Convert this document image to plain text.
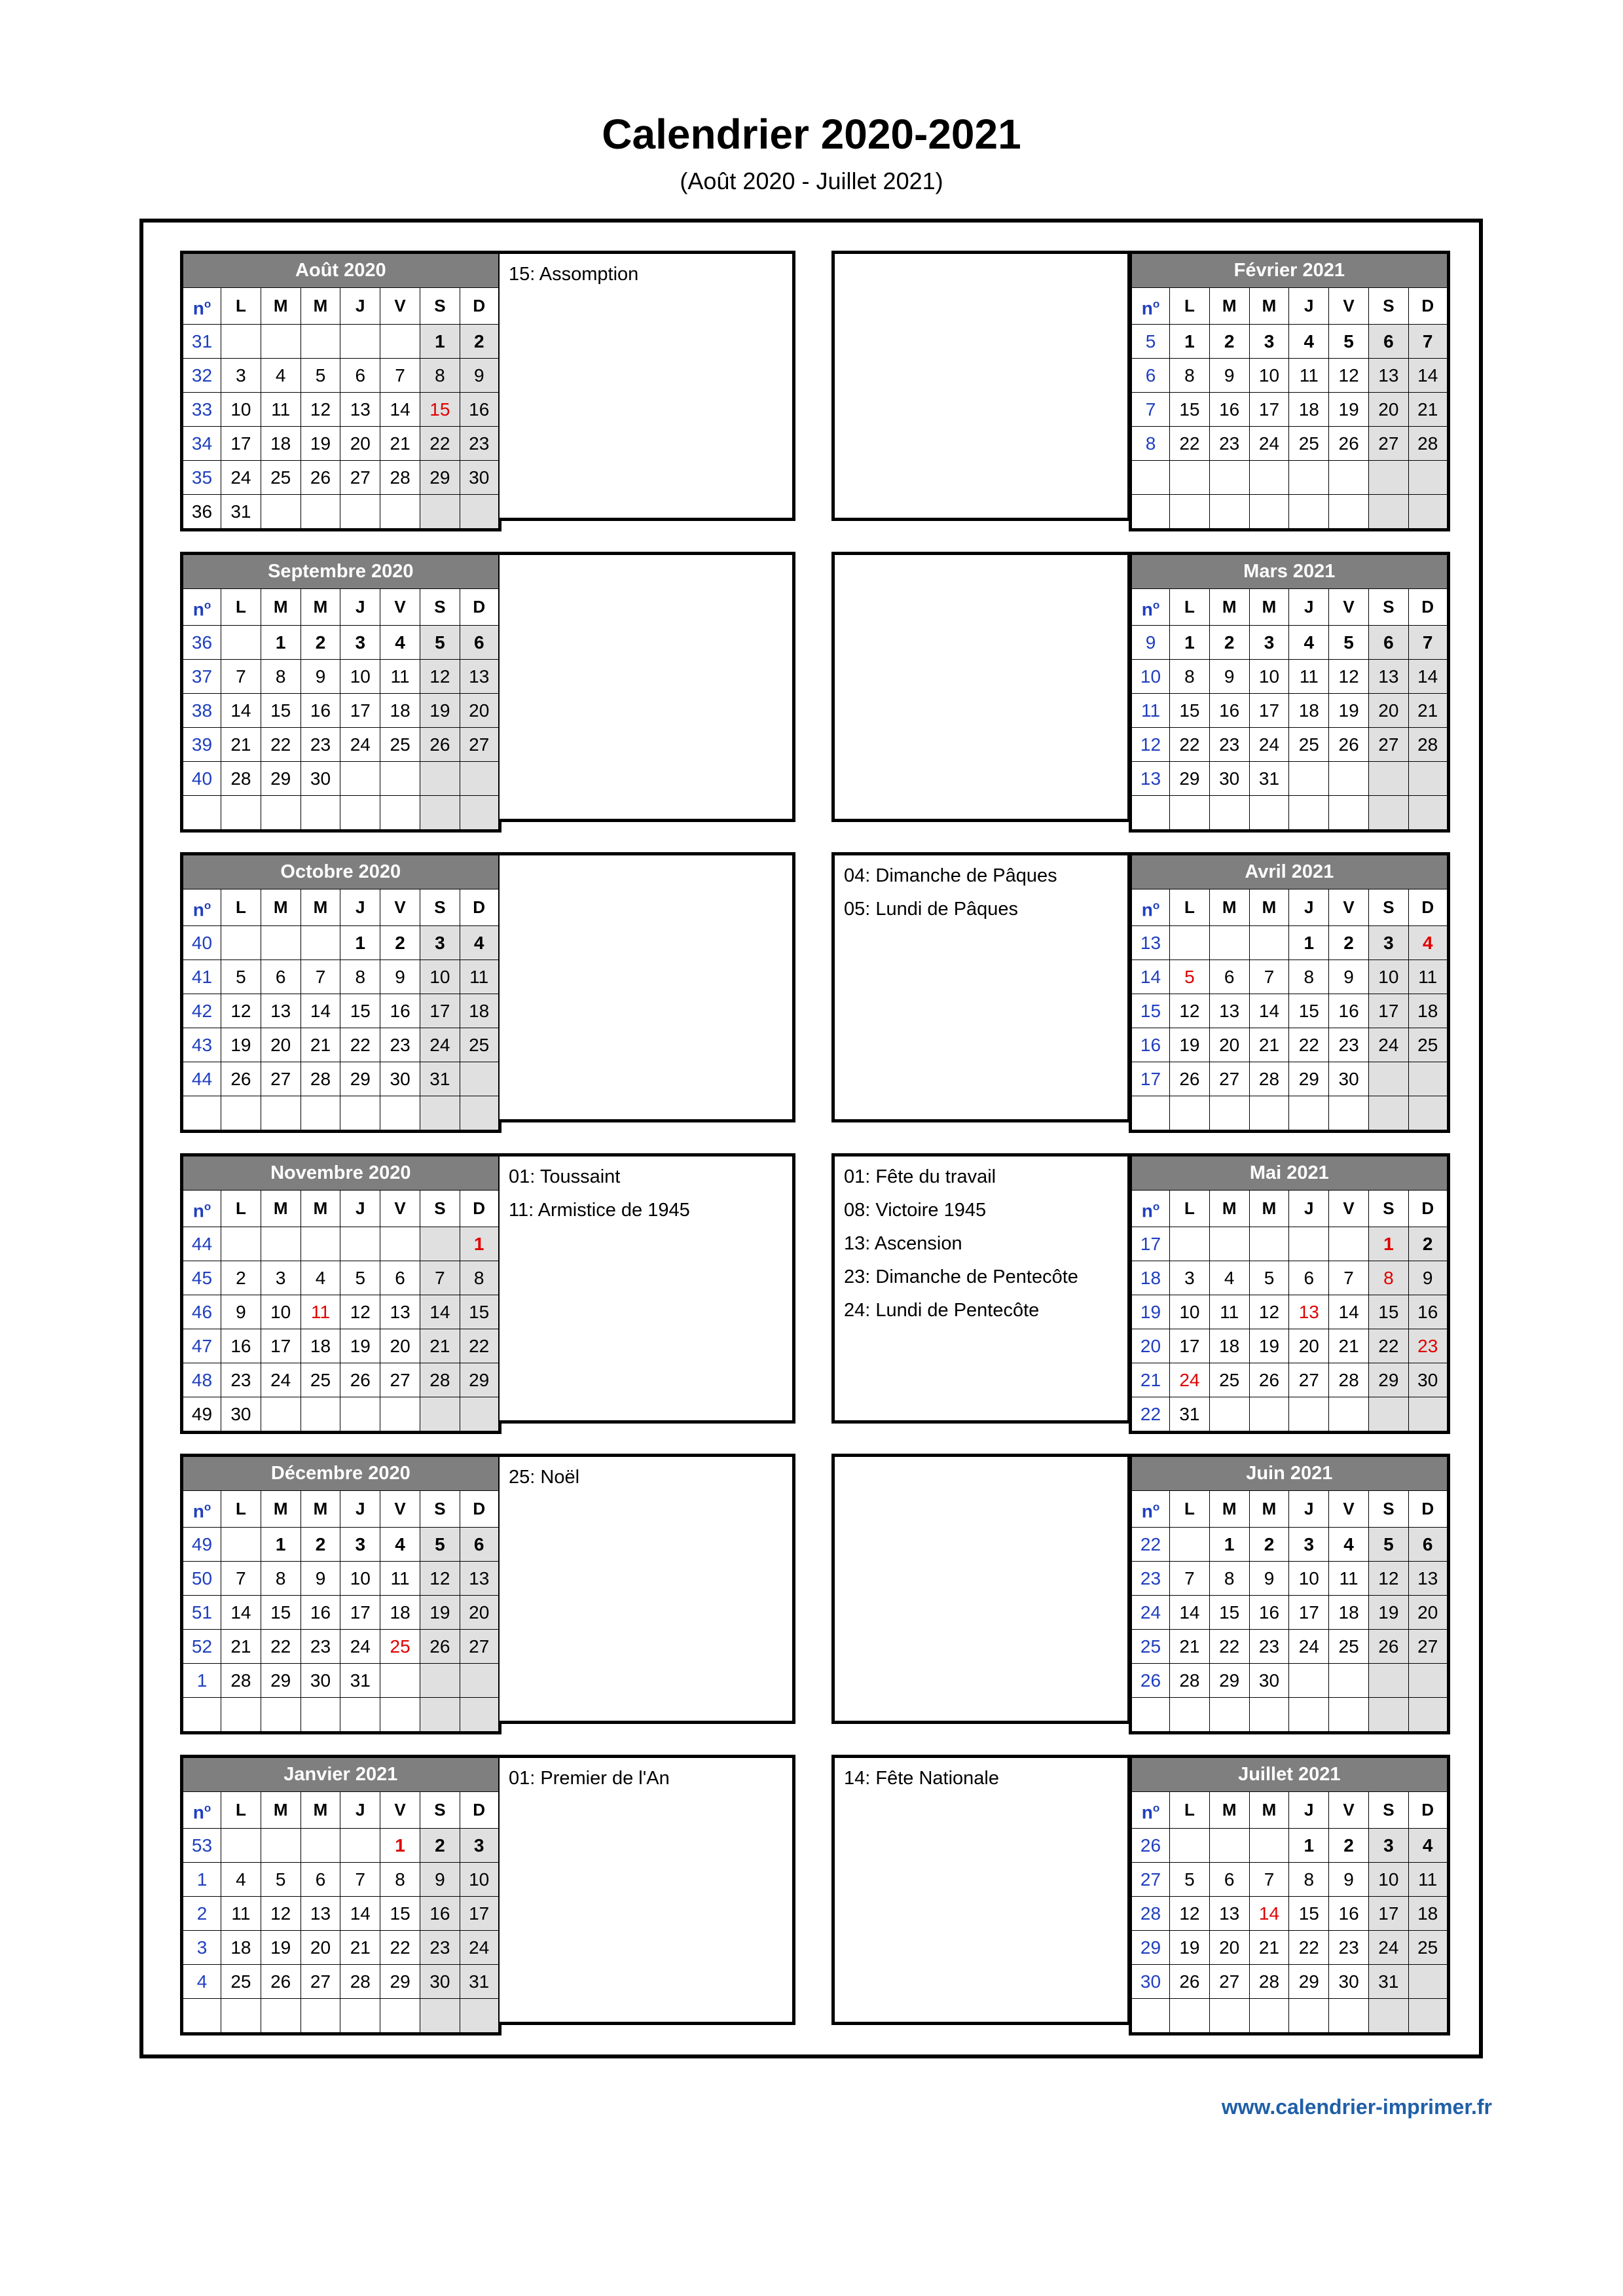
Calendrier 2020-2021
(Août 2020 - Juillet 2021)
Août 2020							
$n^o$	L	M	M	J	V	S	D
31						1	2
32	3	4	5	6	7	8	9
33	10	11	12	13	14	15	16
34	17	18	19	20	21	22	23
35	24	25	26	27	28	29	30
36	31						
15: Assomption	Février 2021							
$n^o$	L	M	M	J	V	S	D
5	1	2	3	4	5	6	7
6	8	9	10	11	12	13	14
7	15	16	17	18	19	20	21
8	22	23	24	25	26	27	28

Septembre 2020							
$n^o$	L	M	M	J	V	S	D
36		1	2	3	4	5	6
37	7	8	9	10	11	12	13
38	14	15	16	17	18	19	20
39	21	22	23	24	25	26	27
40	28	29	30				

Mars 2021							
$n^o$	L	M	M	J	V	S	D
9	1	2	3	4	5	6	7
10	8	9	10	11	12	13	14
11	15	16	17	18	19	20	21
12	22	23	24	25	26	27	28
13	29	30	31				

Octobre 2020							
$n^o$	L	M	M	J	V	S	D
40				1	2	3	4
41	5	6	7	8	9	10	11
42	12	13	14	15	16	17	18
43	19	20	21	22	23	24	25
44	26	27	28	29	30	31	

Avril 2021							
$n^o$	L	M	M	J	V	S	D
13				1	2	3	4
14	5	6	7	8	9	10	11
15	12	13	14	15	16	17	18
16	19	20	21	22	23	24	25
17	26	27	28	29	30		

04: Dimanche de Pâques
05: Lundi de Pâques
Novembre 2020							
$n^o$	L	M	M	J	V	S	D
44							1
45	2	3	4	5	6	7	8
46	9	10	11	12	13	14	15
47	16	17	18	19	20	21	22
48	23	24	25	26	27	28	29
49	30						
01: Toussaint
11: Armistice de 1945
Mai 2021							
$n^o$	L	M	M	J	V	S	D
17						1	2
18	3	4	5	6	7	8	9
19	10	11	12	13	14	15	16
20	17	18	19	20	21	22	23
21	24	25	26	27	28	29	30
22	31						
01: Fête du travail
08: Victoire 1945
13: Ascension
23: Dimanche de Pentecôte
24: Lundi de Pentecôte
Décembre 2020							
$n^o$	L	M	M	J	V	S	D
49		1	2	3	4	5	6
50	7	8	9	10	11	12	13
51	14	15	16	17	18	19	20
52	21	22	23	24	25	26	27
1	28	29	30	31			

25: Noël	Juin 2021							
$n^o$	L	M	M	J	V	S	D
22		1	2	3	4	5	6
23	7	8	9	10	11	12	13
24	14	15	16	17	18	19	20
25	21	22	23	24	25	26	27
26	28	29	30				

Janvier 2021							
$n^o$	L	M	M	J	V	S	D
53					1	2	3
1	4	5	6	7	8	9	10
2	11	12	13	14	15	16	17
3	18	19	20	21	22	23	24
4	25	26	27	28	29	30	31

01: Premier de l'An	Juillet 2021							
$n^o$	L	M	M	J	V	S	D
26				1	2	3	4
27	5	6	7	8	9	10	11
28	12	13	14	15	16	17	18
29	19	20	21	22	23	24	25
30	26	27	28	29	30	31	

14: Fête Nationale
www.calendrier-imprimer.fr
